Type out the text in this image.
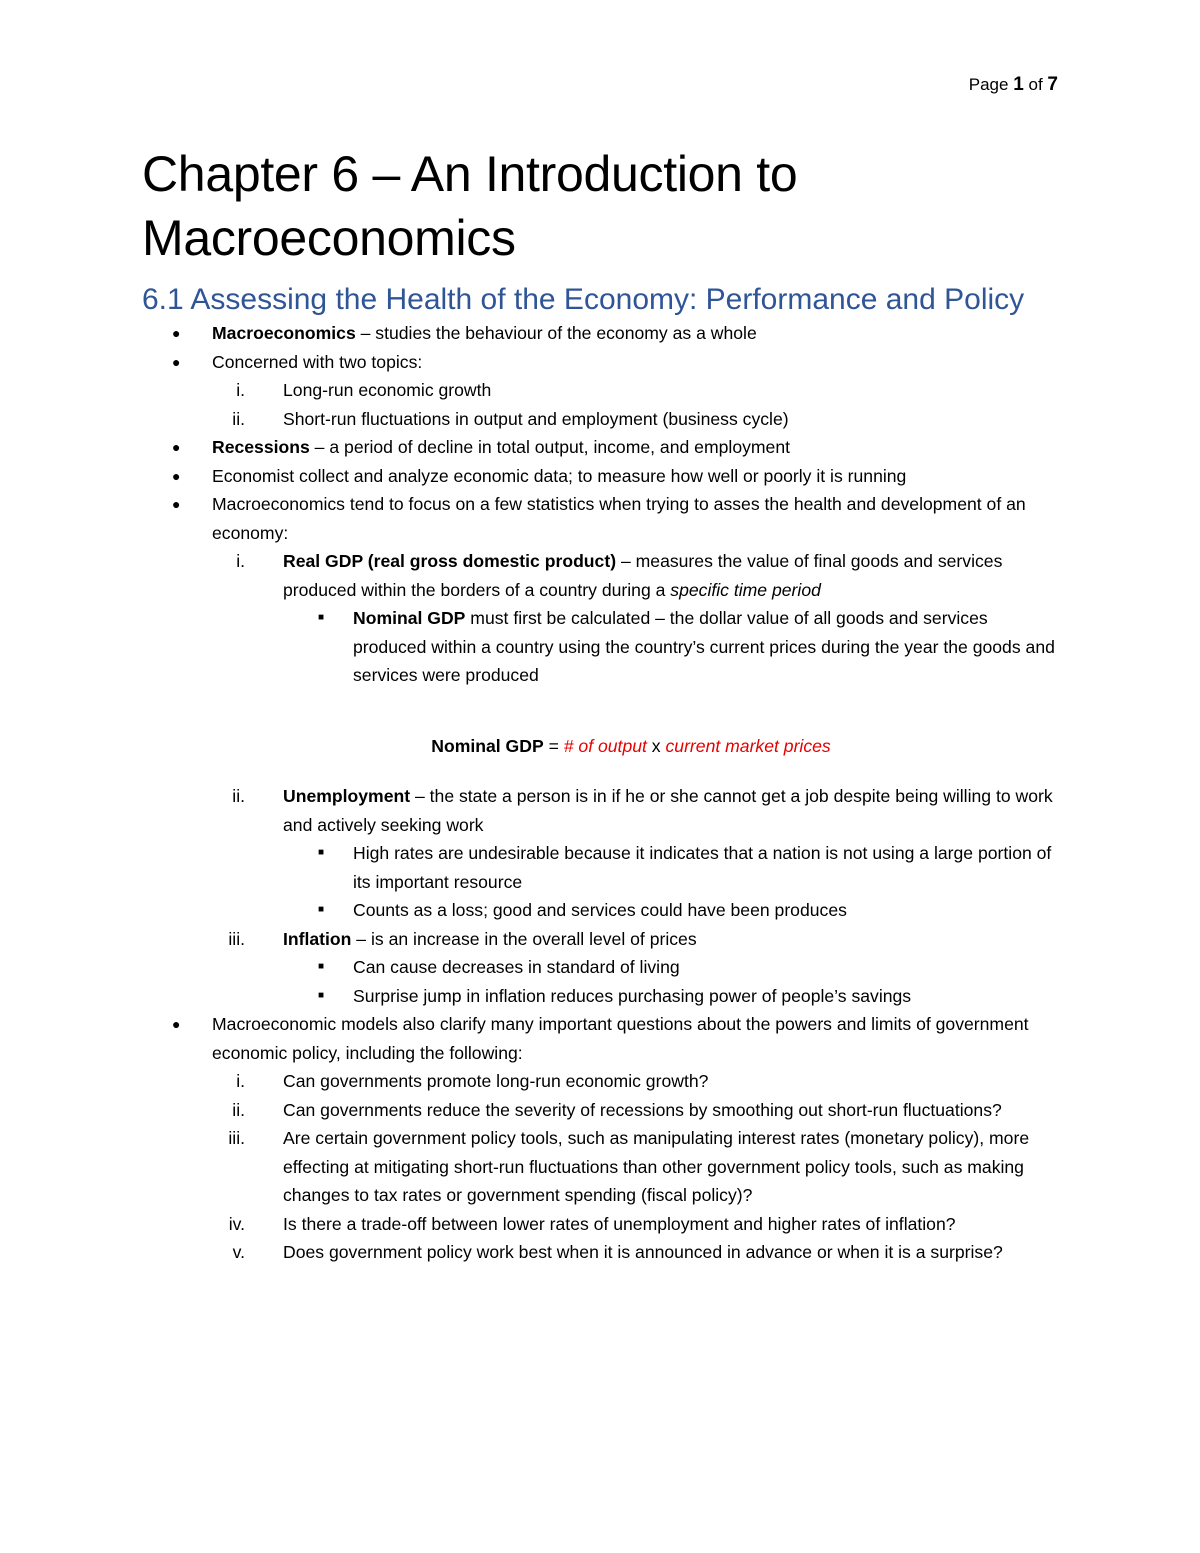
Page 1 of 7
Chapter 6 – An Introduction to Macroeconomics
6.1 Assessing the Health of the Economy: Performance and Policy
● Macroeconomics – studies the behaviour of the economy as a whole
● Concerned with two topics:
i. Long-run economic growth
ii. Short-run fluctuations in output and employment (business cycle)
● Recessions – a period of decline in total output, income, and employment
● Economist collect and analyze economic data; to measure how well or poorly it is running
● Macroeconomics tend to focus on a few statistics when trying to asses the health and development of an economy:
i. Real GDP (real gross domestic product) – measures the value of final goods and services produced within the borders of a country during a specific time period
■ Nominal GDP must first be calculated – the dollar value of all goods and services produced within a country using the country’s current prices during the year the goods and services were produced
Nominal GDP = # of output x current market prices
ii. Unemployment – the state a person is in if he or she cannot get a job despite being willing to work and actively seeking work
■ High rates are undesirable because it indicates that a nation is not using a large portion of its important resource
■ Counts as a loss; good and services could have been produces
iii. Inflation – is an increase in the overall level of prices
■ Can cause decreases in standard of living
■ Surprise jump in inflation reduces purchasing power of people’s savings
● Macroeconomic models also clarify many important questions about the powers and limits of government economic policy, including the following:
i. Can governments promote long-run economic growth?
ii. Can governments reduce the severity of recessions by smoothing out short-run fluctuations?
iii. Are certain government policy tools, such as manipulating interest rates (monetary policy), more effecting at mitigating short-run fluctuations than other government policy tools, such as making changes to tax rates or government spending (fiscal policy)?
iv. Is there a trade-off between lower rates of unemployment and higher rates of inflation?
v. Does government policy work best when it is announced in advance or when it is a surprise?
